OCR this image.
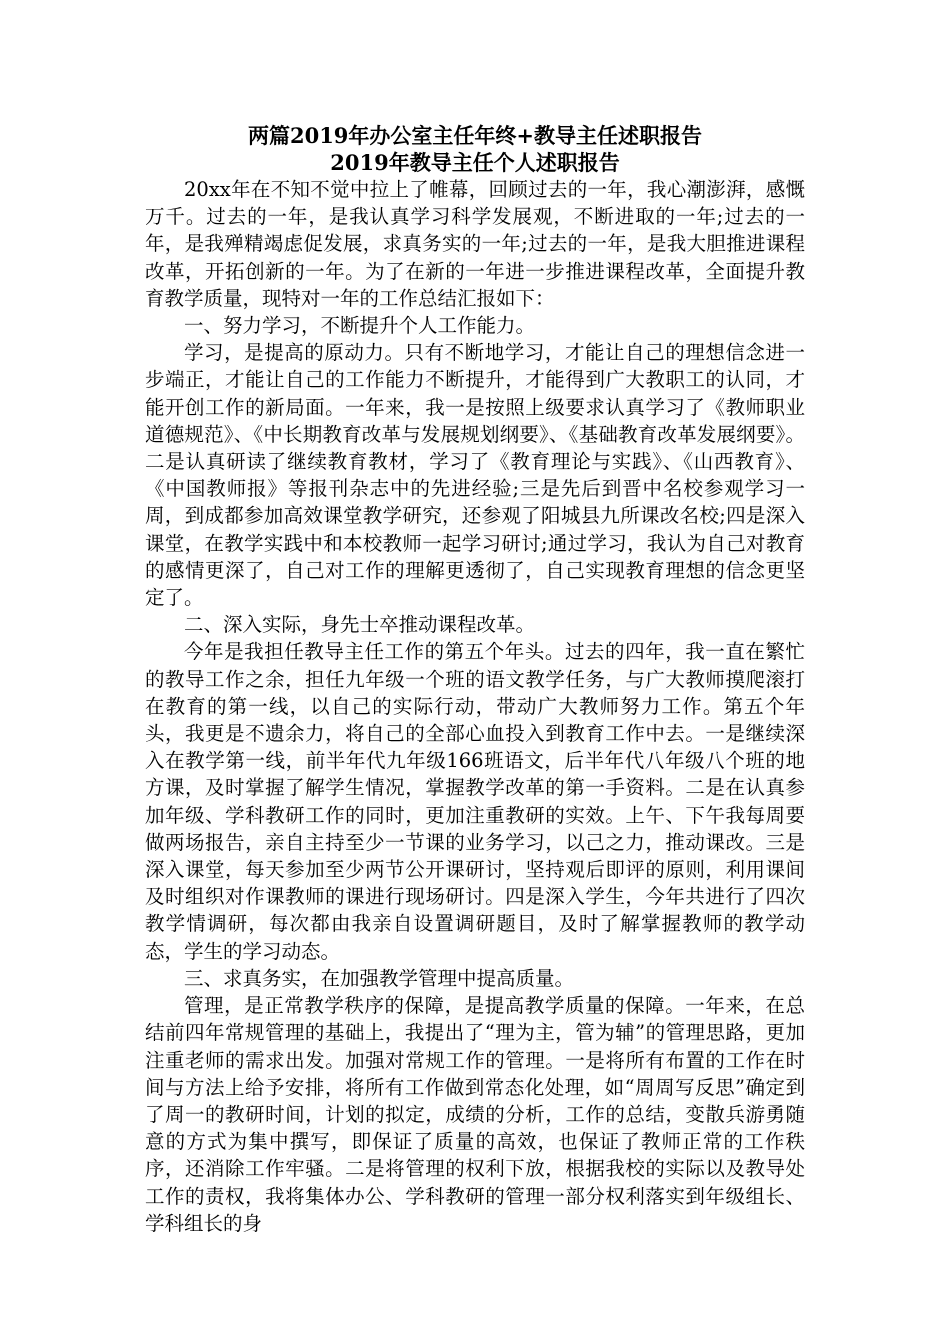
两篇2019年办公室主任年终+教导主任述职报告
2019年教导主任个人述职报告

20xx年在不知不觉中拉上了帷幕，回顾过去的一年，我心潮澎湃，感慨万千。过去的一年，是我认真学习科学发展观，不断进取的一年;过去的一年，是我殚精竭虑促发展，求真务实的一年;过去的一年，是我大胆推进课程改革，开拓创新的一年。为了在新的一年进一步推进课程改革，全面提升教育教学质量，现特对一年的工作总结汇报如下：

一、努力学习，不断提升个人工作能力。

学习，是提高的原动力。只有不断地学习，才能让自己的理想信念进一步端正，才能让自己的工作能力不断提升，才能得到广大教职工的认同，才能开创工作的新局面。一年来，我一是按照上级要求认真学习了《教师职业道德规范》、《中长期教育改革与发展规划纲要》、《基础教育改革发展纲要》。二是认真研读了继续教育教材，学习了《教育理论与实践》、《山西教育》、《中国教师报》等报刊杂志中的先进经验;三是先后到晋中名校参观学习一周，到成都参加高效课堂教学研究，还参观了阳城县九所课改名校;四是深入课堂，在教学实践中和本校教师一起学习研讨;通过学习，我认为自己对教育的感情更深了，自己对工作的理解更透彻了，自己实现教育理想的信念更坚定了。

二、深入实际，身先士卒推动课程改革。

今年是我担任教导主任工作的第五个年头。过去的四年，我一直在繁忙的教导工作之余，担任九年级一个班的语文教学任务，与广大教师摸爬滚打在教育的第一线，以自己的实际行动，带动广大教师努力工作。第五个年头，我更是不遗余力，将自己的全部心血投入到教育工作中去。一是继续深入在教学第一线，前半年代九年级166班语文，后半年代八年级八个班的地方课，及时掌握了解学生情况，掌握教学改革的第一手资料。二是在认真参加年级、学科教研工作的同时，更加注重教研的实效。上午、下午我每周要做两场报告，亲自主持至少一节课的业务学习，以己之力，推动课改。三是深入课堂，每天参加至少两节公开课研讨，坚持观后即评的原则，利用课间及时组织对作课教师的课进行现场研讨。四是深入学生，今年共进行了四次教学情调研，每次都由我亲自设置调研题目，及时了解掌握教师的教学动态，学生的学习动态。

三、求真务实，在加强教学管理中提高质量。

管理，是正常教学秩序的保障，是提高教学质量的保障。一年来，在总结前四年常规管理的基础上，我提出了“理为主，管为辅”的管理思路，更加注重老师的需求出发。加强对常规工作的管理。一是将所有布置的工作在时间与方法上给予安排，将所有工作做到常态化处理，如“周周写反思”确定到了周一的教研时间，计划的拟定，成绩的分析，工作的总结，变散兵游勇随意的方式为集中撰写，即保证了质量的高效，也保证了教师正常的工作秩序，还消除工作牢骚。二是将管理的权利下放，根据我校的实际以及教导处工作的责权，我将集体办公、学科教研的管理一部分权利落实到年级组长、学科组长的身
